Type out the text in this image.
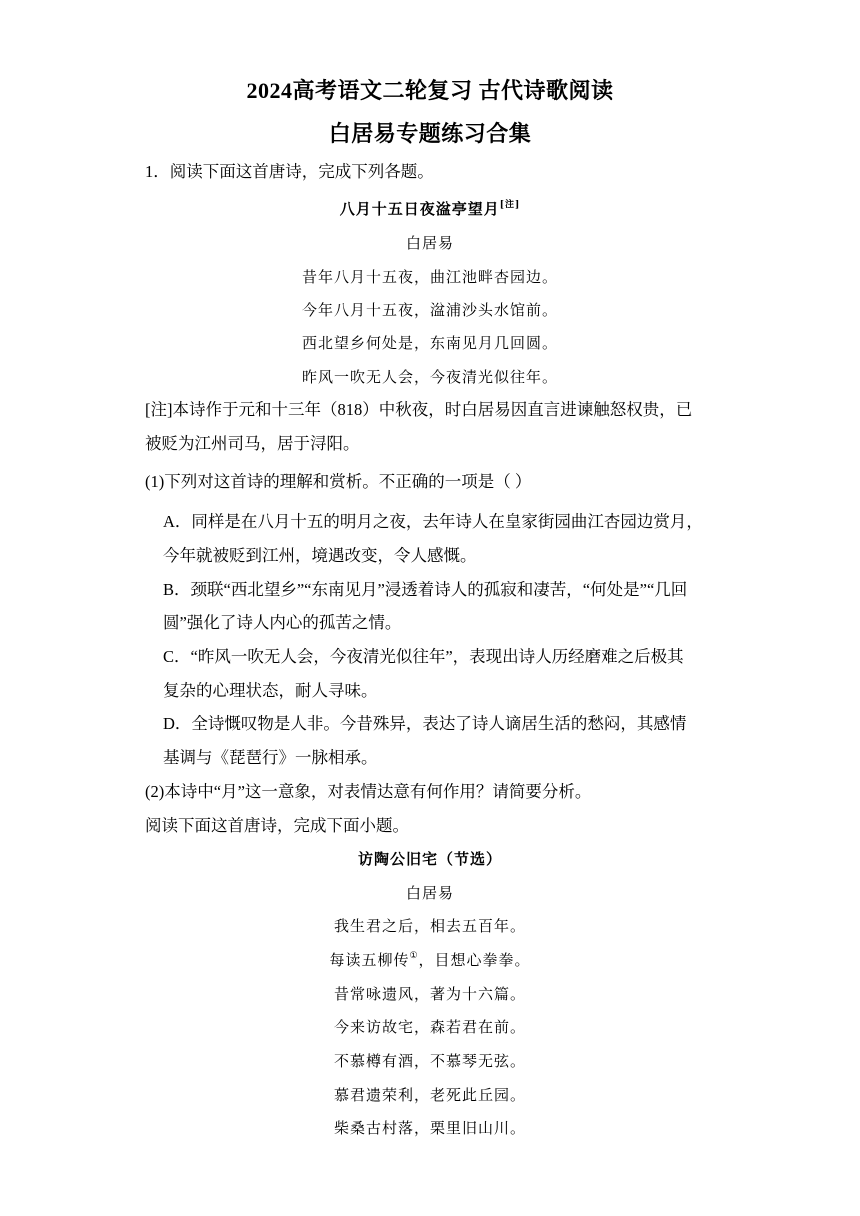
2024高考语文二轮复习 古代诗歌阅读
白居易专题练习合集
1．阅读下面这首唐诗，完成下列各题。
八月十五日夜湓亭望月[注]
白居易
昔年八月十五夜，曲江池畔杏园边。
今年八月十五夜，湓浦沙头水馆前。
西北望乡何处是，东南见月几回圆。
昨风一吹无人会，今夜清光似往年。
[注]本诗作于元和十三年（818）中秋夜，时白居易因直言进谏触怒权贵，已
被贬为江州司马，居于浔阳。
(1)下列对这首诗的理解和赏析。不正确的一项是（ ）
A．同样是在八月十五的明月之夜，去年诗人在皇家街园曲江杏园边赏月，
今年就被贬到江州，境遇改变，令人感慨。
B．颈联“西北望乡”“东南见月”浸透着诗人的孤寂和凄苦，“何处是”“几回
圆”强化了诗人内心的孤苦之情。
C．“昨风一吹无人会，今夜清光似往年”，表现出诗人历经磨难之后极其
复杂的心理状态，耐人寻味。
D．全诗慨叹物是人非。今昔殊异，表达了诗人谪居生活的愁闷，其感情
基调与《琵琶行》一脉相承。
(2)本诗中“月”这一意象，对表情达意有何作用？请简要分析。
阅读下面这首唐诗，完成下面小题。
访陶公旧宅（节选）
白居易
我生君之后，相去五百年。
每读五柳传①，目想心拳拳。
昔常咏遗风，著为十六篇。
今来访故宅，森若君在前。
不慕樽有酒，不慕琴无弦。
慕君遗荣利，老死此丘园。
柴桑古村落，栗里旧山川。
